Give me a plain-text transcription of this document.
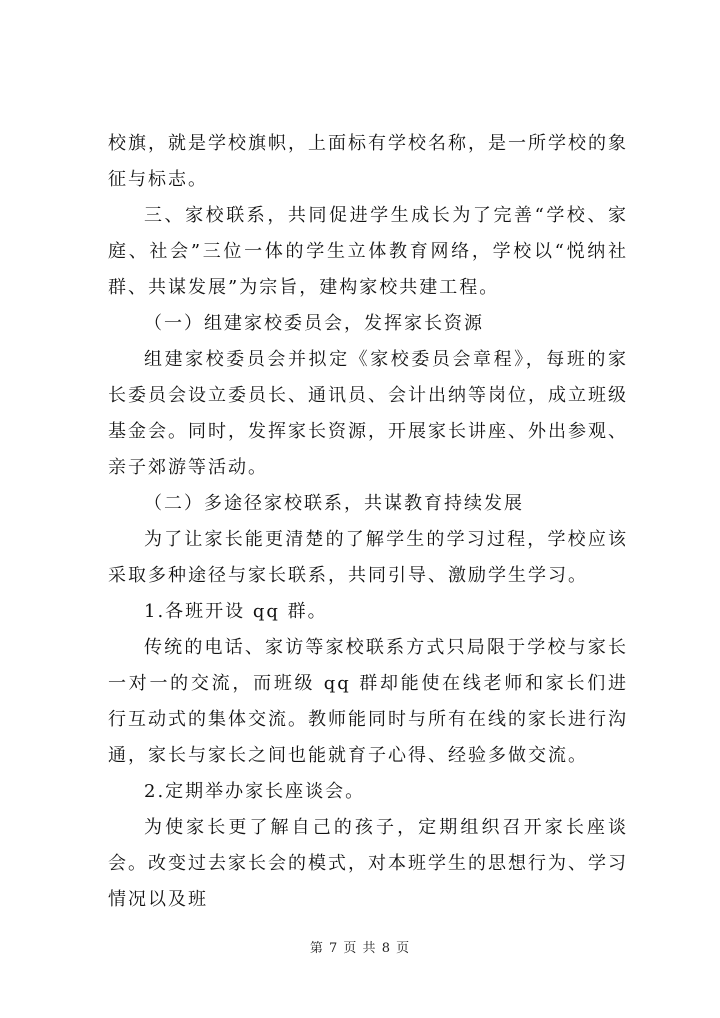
校旗，就是学校旗帜，上面标有学校名称，是一所学校的象征与标志。

三、家校联系，共同促进学生成长为了完善“学校、家庭、社会”三位一体的学生立体教育网络，学校以“悦纳社群、共谋发展”为宗旨，建构家校共建工程。

（一）组建家校委员会，发挥家长资源

组建家校委员会并拟定《家校委员会章程》，每班的家长委员会设立委员长、通讯员、会计出纳等岗位，成立班级基金会。同时，发挥家长资源，开展家长讲座、外出参观、亲子郊游等活动。

（二）多途径家校联系，共谋教育持续发展

为了让家长能更清楚的了解学生的学习过程，学校应该采取多种途径与家长联系，共同引导、激励学生学习。

1.各班开设 qq 群。

传统的电话、家访等家校联系方式只局限于学校与家长一对一的交流，而班级 qq 群却能使在线老师和家长们进行互动式的集体交流。教师能同时与所有在线的家长进行沟通，家长与家长之间也能就育子心得、经验多做交流。

2.定期举办家长座谈会。

为使家长更了解自己的孩子，定期组织召开家长座谈会。改变过去家长会的模式，对本班学生的思想行为、学习情况以及班

第 7 页 共 8 页
